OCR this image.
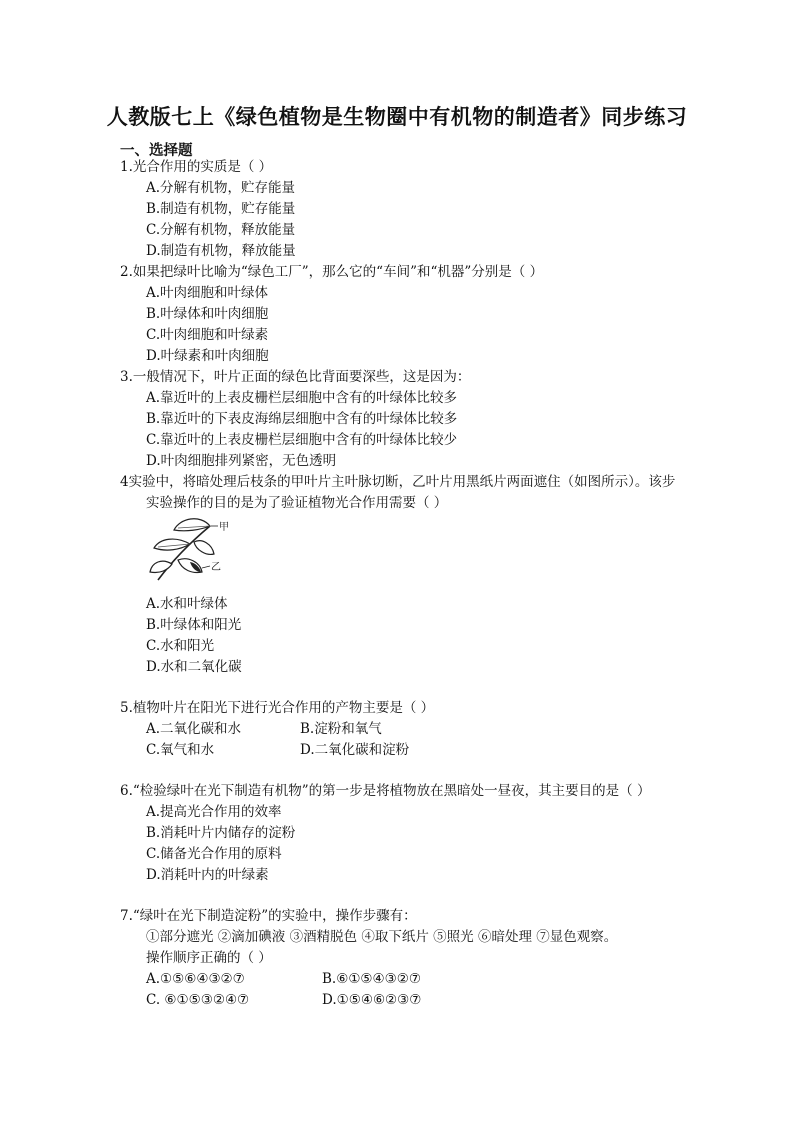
人教版七上《绿色植物是生物圈中有机物的制造者》同步练习
一、选择题
1.光合作用的实质是（ ）
A.分解有机物，贮存能量
B.制造有机物，贮存能量
C.分解有机物，释放能量
D.制造有机物，释放能量
2.如果把绿叶比喻为“绿色工厂”，那么它的“车间”和“机器”分别是（ ）
A.叶肉细胞和叶绿体
B.叶绿体和叶肉细胞
C.叶肉细胞和叶绿素
D.叶绿素和叶肉细胞
3.一般情况下，叶片正面的绿色比背面要深些，这是因为：
A.靠近叶的上表皮栅栏层细胞中含有的叶绿体比较多
B.靠近叶的下表皮海绵层细胞中含有的叶绿体比较多
C.靠近叶的上表皮栅栏层细胞中含有的叶绿体比较少
D.叶肉细胞排列紧密，无色透明
4实验中，将暗处理后枝条的甲叶片主叶脉切断，乙叶片用黑纸片两面遮住（如图所示）。该步
实验操作的目的是为了验证植物光合作用需要（ ）
甲
乙
A.水和叶绿体
B.叶绿体和阳光
C.水和阳光
D.水和二氧化碳
5.植物叶片在阳光下进行光合作用的产物主要是（ ）
A.二氧化碳和水	B.淀粉和氧气
C.氧气和水	D.二氧化碳和淀粉
6.“检验绿叶在光下制造有机物”的第一步是将植物放在黑暗处一昼夜，其主要目的是（ ）
A.提高光合作用的效率
B.消耗叶片内储存的淀粉
C.储备光合作用的原料
D.消耗叶内的叶绿素
7.“绿叶在光下制造淀粉”的实验中，操作步骤有：
①部分遮光 ②滴加碘液 ③酒精脱色 ④取下纸片 ⑤照光 ⑥暗处理 ⑦显色观察。
操作顺序正确的（ ）
A.①⑤⑥④③②⑦	B.⑥①⑤④③②⑦
C. ⑥①⑤③②④⑦	D.①⑤④⑥②③⑦
